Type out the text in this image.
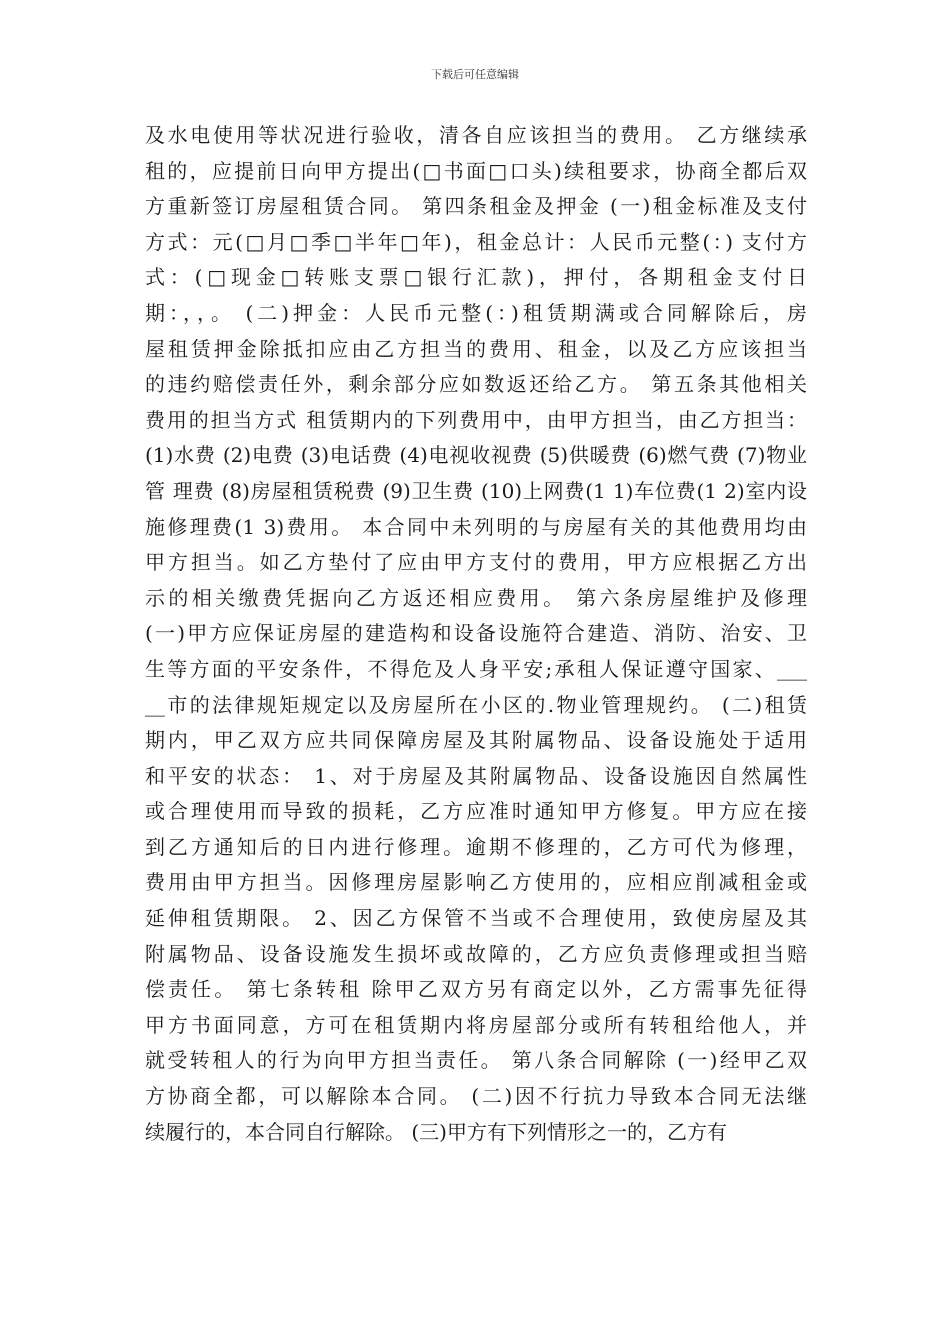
下载后可任意编辑
及水电使用等状况进行验收，清各自应该担当的费用。 乙方继续承
租的，应提前日向甲方提出(□书面□口头)续租要求，协商全都后双
方重新签订房屋租赁合同。 第四条租金及押金 (一)租金标准及支付
方式：元(□月□季□半年□年)，租金总计：人民币元整(：) 支付方
式：(□现金□转账支票□银行汇款)，押付，各期租金支付日
期：，，。 (二)押金：人民币元整(：)租赁期满或合同解除后，房
屋租赁押金除抵扣应由乙方担当的费用、租金，以及乙方应该担当
的违约赔偿责任外，剩余部分应如数返还给乙方。 第五条其他相关
费用的担当方式 租赁期内的下列费用中，由甲方担当，由乙方担当：
(1)水费 (2)电费 (3)电话费 (4)电视收视费 (5)供暖费 (6)燃气费 (7)物业
管 理费 (8)房屋租赁税费 (9)卫生费 (10)上网费(1 1)车位费(1 2)室内设
施修理费(1 3)费用。 本合同中未列明的与房屋有关的其他费用均由
甲方担当。如乙方垫付了应由甲方支付的费用，甲方应根据乙方出
示的相关缴费凭据向乙方返还相应费用。 第六条房屋维护及修理
(一)甲方应保证房屋的建造构和设备设施符合建造、消防、治安、卫
生等方面的平安条件，不得危及人身平安;承租人保证遵守国家、___
__市的法律规矩规定以及房屋所在小区的.物业管理规约。 (二)租赁
期内，甲乙双方应共同保障房屋及其附属物品、设备设施处于适用
和平安的状态： 1、对于房屋及其附属物品、设备设施因自然属性
或合理使用而导致的损耗，乙方应准时通知甲方修复。甲方应在接
到乙方通知后的日内进行修理。逾期不修理的，乙方可代为修理，
费用由甲方担当。因修理房屋影响乙方使用的，应相应削减租金或
延伸租赁期限。 2、因乙方保管不当或不合理使用，致使房屋及其
附属物品、设备设施发生损坏或故障的，乙方应负责修理或担当赔
偿责任。 第七条转租 除甲乙双方另有商定以外，乙方需事先征得
甲方书面同意，方可在租赁期内将房屋部分或所有转租给他人，并
就受转租人的行为向甲方担当责任。 第八条合同解除 (一)经甲乙双
方协商全都，可以解除本合同。 (二)因不行抗力导致本合同无法继
续履行的，本合同自行解除。 (三)甲方有下列情形之一的，乙方有
